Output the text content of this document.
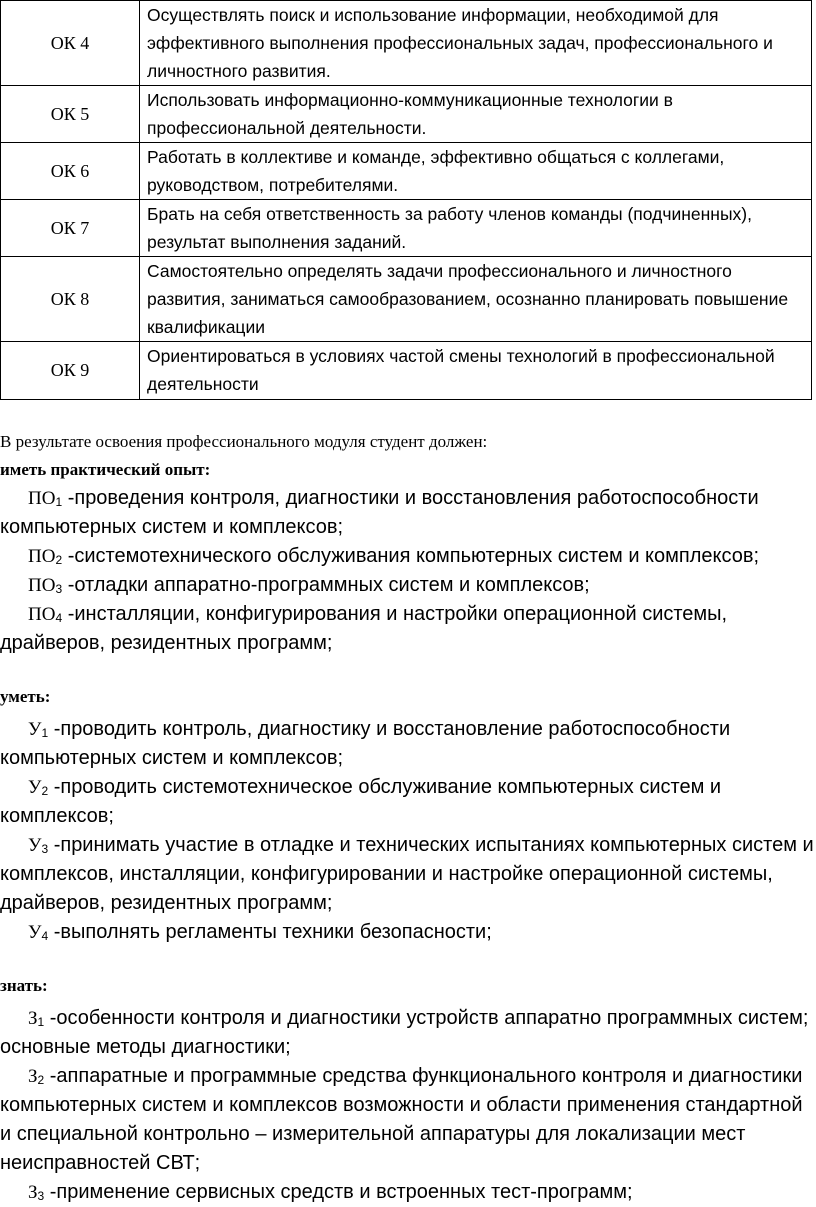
ОК 4	Осуществлять поиск и использование информации, необходимой для эффективного выполнения профессиональных задач, профессионального и личностного развития.
ОК 5	Использовать информационно-коммуникационные технологии в профессиональной деятельности.
ОК 6	Работать в коллективе и команде, эффективно общаться с коллегами, руководством, потребителями.
ОК 7	Брать на себя ответственность за работу членов команды (подчиненных), результат выполнения заданий.
ОК 8	Самостоятельно определять задачи профессионального и личностного развития, заниматься самообразованием, осознанно планировать повышение квалификации
ОК 9	Ориентироваться в условиях частой смены технологий в профессиональной деятельности
В результате освоения профессионального модуля студент должен:
иметь практический опыт:
$ПО_1$ -проведения контроля, диагностики и восстановления работоспособности компьютерных систем и комплексов;
$ПО_2$ -системотехнического обслуживания компьютерных систем и комплексов;
$ПО_3$ -отладки аппаратно-программных систем и комплексов;
$ПО_4$ -инсталляции, конфигурирования и настройки операционной системы, драйверов, резидентных программ;
уметь:
$У_1$ -проводить контроль, диагностику и восстановление работоспособности компьютерных систем и комплексов;
$У_2$ -проводить системотехническое обслуживание компьютерных систем и комплексов;
$У_3$ -принимать участие в отладке и технических испытаниях компьютерных систем и комплексов, инсталляции, конфигурировании и настройке операционной системы, драйверов, резидентных программ;
$У_4$ -выполнять регламенты техники безопасности;
знать:
$З_1$ -особенности контроля и диагностики устройств аппаратно программных систем; основные методы диагностики;
$З_2$ -аппаратные и программные средства функционального контроля и диагностики компьютерных систем и комплексов возможности и области применения стандартной и специальной контрольно – измерительной аппаратуры для локализации мест неисправностей СВТ;
$З_3$ -применение сервисных средств и встроенных тест-программ;
